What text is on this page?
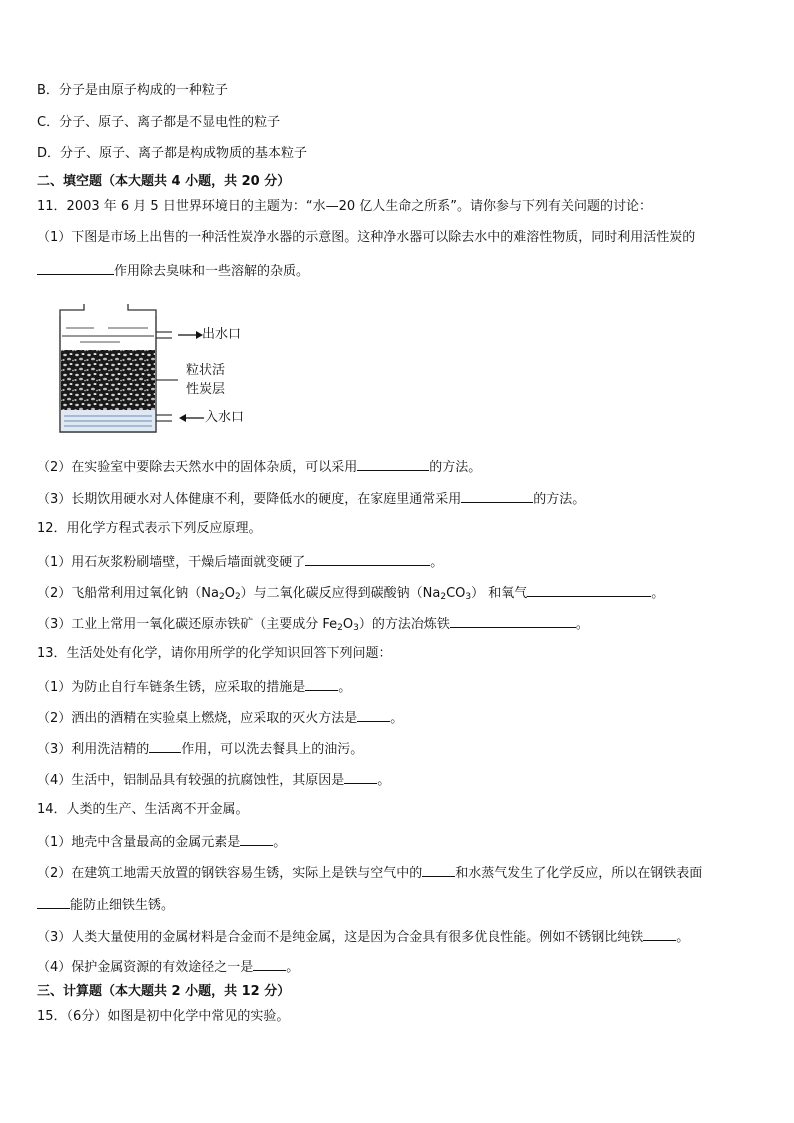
B．分子是由原子构成的一种粒子
C．分子、原子、离子都是不显电性的粒子
D．分子、原子、离子都是构成物质的基本粒子
二、填空题（本大题共 4 小题，共 20 分）
11．2003 年 6 月 5 日世界环境日的主题为：“水—20 亿人生命之所系”。请你参与下列有关问题的讨论：
（1）下图是市场上出售的一种活性炭净水器的示意图。这种净水器可以除去水中的难溶性物质，同时利用活性炭的
作用除去臭味和一些溶解的杂质。
出水口
粒状活
性炭层
入水口
（2）在实验室中要除去天然水中的固体杂质，可以采用	的方法。
（3）长期饮用硬水对人体健康不利，要降低水的硬度，在家庭里通常采用	的方法。
12．用化学方程式表示下列反应原理。
（1）用石灰浆粉刷墙壁，干燥后墙面就变硬了	。
（2）飞船常利用过氧化钠$(Na_2O_2)$与二氧化碳反应得到碳酸钠$(Na_2CO_3)$ 和氧气	。
（3）工业上常用一氧化碳还原赤铁矿（主要成分 $Fe_2O_3$）的方法冶炼铁	。
13．生活处处有化学，请你用所学的化学知识回答下列问题：
（1）为防止自行车链条生锈，应采取的措施是	。
（2）洒出的酒精在实验桌上燃烧，应采取的灭火方法是	。
（3）利用洗洁精的 作用，可以洗去餐具上的油污。
（4）生活中，铝制品具有较强的抗腐蚀性，其原因是	。
14．人类的生产、生活离不开金属。
（1）地壳中含量最高的金属元素是	。
（2）在建筑工地需天放置的钢铁容易生锈，实际上是铁与空气中的	和水蒸气发生了化学反应，所以在钢铁表面
能防止细铁生锈。
（3）人类大量使用的金属材料是合金而不是纯金属，这是因为合金具有很多优良性能。例如不锈钢比纯铁	。
（4）保护金属资源的有效途径之一是	。
三、计算题（本大题共 2 小题，共 12 分）
15．（6分）如图是初中化学中常见的实验。
